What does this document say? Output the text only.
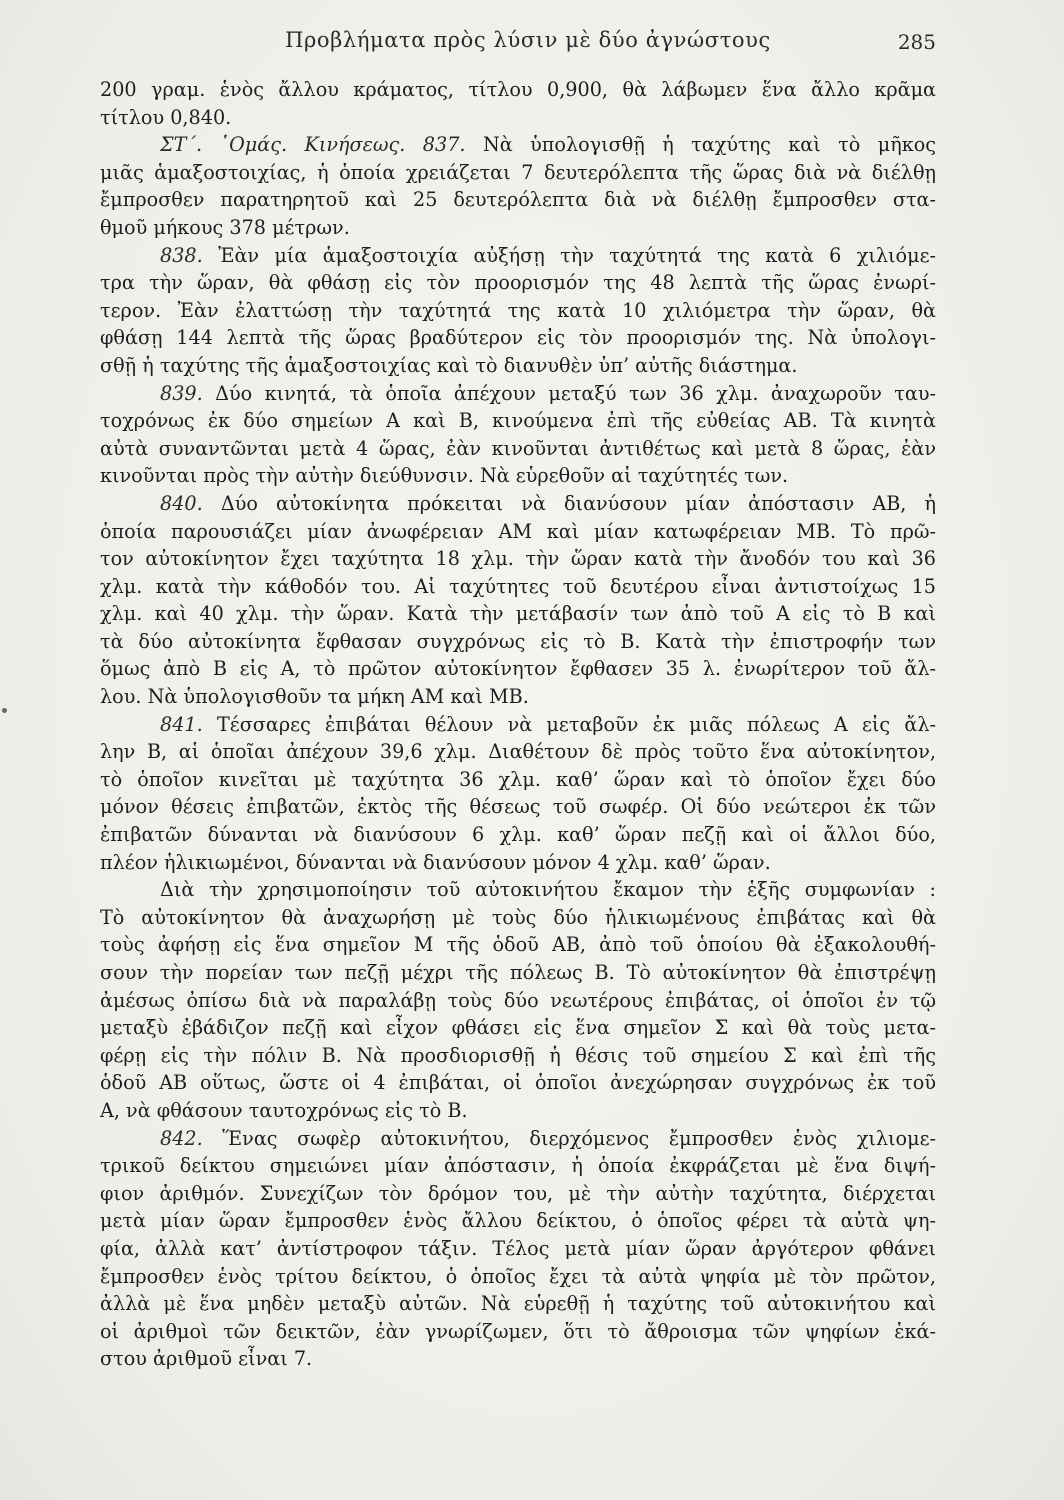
Προβλήματα πρὸς λύσιν μὲ δύο ἀγνώστους	285
200 γραμ. ἑνὸς ἄλλου κράματος, τίτλου 0,900, θὰ λάβωμεν ἕνα ἄλλο κρᾶμα
τίτλου 0,840.
ΣΤ΄. ῾Ομάς. Κινήσεως. 837. Νὰ ὑπολογισθῇ ἡ ταχύτης καὶ τὸ μῆκος
μιᾶς ἁμαξοστοιχίας, ἡ ὁποία χρειάζεται 7 δευτερόλεπτα τῆς ὥρας διὰ νὰ διέλθῃ
ἔμπροσθεν παρατηρητοῦ καὶ 25 δευτερόλεπτα διὰ νὰ διέλθῃ ἔμπροσθεν στα-
θμοῦ μήκους 378 μέτρων.
838. Ἐὰν μία ἁμαξοστοιχία αὐξήσῃ τὴν ταχύτητά της κατὰ 6 χιλιόμε-
τρα τὴν ὥραν, θὰ φθάσῃ εἰς τὸν προορισμόν της 48 λεπτὰ τῆς ὥρας ἐνωρί-
τερον. Ἐὰν ἐλαττώσῃ τὴν ταχύτητά της κατὰ 10 χιλιόμετρα τὴν ὥραν, θὰ
φθάσῃ 144 λεπτὰ τῆς ὥρας βραδύτερον εἰς τὸν προορισμόν της. Νὰ ὑπολογι-
σθῇ ἡ ταχύτης τῆς ἁμαξοστοιχίας καὶ τὸ διανυθὲν ὑπ’ αὐτῆς διάστημα.
839. Δύο κινητά, τὰ ὁποῖα ἀπέχουν μεταξύ των 36 χλμ. ἀναχωροῦν ταυ-
τοχρόνως ἐκ δύο σημείων Α καὶ Β, κινούμενα ἐπὶ τῆς εὐθείας ΑΒ. Τὰ κινητὰ
αὐτὰ συναντῶνται μετὰ 4 ὥρας, ἐὰν κινοῦνται ἀντιθέτως καὶ μετὰ 8 ὥρας, ἐὰν
κινοῦνται πρὸς τὴν αὐτὴν διεύθυνσιν. Νὰ εὑρεθοῦν αἱ ταχύτητές των.
840. Δύο αὐτοκίνητα πρόκειται νὰ διανύσουν μίαν ἀπόστασιν ΑΒ, ἡ
ὁποία παρουσιάζει μίαν ἀνωφέρειαν ΑΜ καὶ μίαν κατωφέρειαν ΜΒ. Τὸ πρῶ-
τον αὐτοκίνητον ἔχει ταχύτητα 18 χλμ. τὴν ὥραν κατὰ τὴν ἄνοδόν του καὶ 36
χλμ. κατὰ τὴν κάθοδόν του. Αἱ ταχύτητες τοῦ δευτέρου εἶναι ἀντιστοίχως 15
χλμ. καὶ 40 χλμ. τὴν ὥραν. Κατὰ τὴν μετάβασίν των ἀπὸ τοῦ Α εἰς τὸ Β καὶ
τὰ δύο αὐτοκίνητα ἔφθασαν συγχρόνως εἰς τὸ Β. Κατὰ τὴν ἐπιστροφήν των
ὅμως ἀπὸ Β εἰς Α, τὸ πρῶτον αὐτοκίνητον ἔφθασεν 35 λ. ἐνωρίτερον τοῦ ἄλ-
λου. Νὰ ὑπολογισθοῦν τα μήκη ΑΜ καὶ ΜΒ.
841. Τέσσαρες ἐπιβάται θέλουν νὰ μεταβοῦν ἐκ μιᾶς πόλεως Α εἰς ἄλ-
λην Β, αἱ ὁποῖαι ἀπέχουν 39,6 χλμ. Διαθέτουν δὲ πρὸς τοῦτο ἕνα αὐτοκίνητον,
τὸ ὁποῖον κινεῖται μὲ ταχύτητα 36 χλμ. καθ’ ὥραν καὶ τὸ ὁποῖον ἔχει δύο
μόνον θέσεις ἐπιβατῶν, ἐκτὸς τῆς θέσεως τοῦ σωφέρ. Οἱ δύο νεώτεροι ἐκ τῶν
ἐπιβατῶν δύνανται νὰ διανύσουν 6 χλμ. καθ’ ὥραν πεζῇ καὶ οἱ ἄλλοι δύο,
πλέον ἡλικιωμένοι, δύνανται νὰ διανύσουν μόνον 4 χλμ. καθ’ ὥραν.
Διὰ τὴν χρησιμοποίησιν τοῦ αὐτοκινήτου ἔκαμον τὴν ἑξῆς συμφωνίαν :
Τὸ αὐτοκίνητον θὰ ἀναχωρήσῃ μὲ τοὺς δύο ἡλικιωμένους ἐπιβάτας καὶ θὰ
τοὺς ἀφήσῃ εἰς ἕνα σημεῖον Μ τῆς ὁδοῦ ΑΒ, ἀπὸ τοῦ ὁποίου θὰ ἐξακολουθή-
σουν τὴν πορείαν των πεζῇ μέχρι τῆς πόλεως Β. Τὸ αὐτοκίνητον θὰ ἐπιστρέψῃ
ἀμέσως ὀπίσω διὰ νὰ παραλάβῃ τοὺς δύο νεωτέρους ἐπιβάτας, οἱ ὁποῖοι ἐν τῷ
μεταξὺ ἐβάδιζον πεζῇ καὶ εἶχον φθάσει εἰς ἕνα σημεῖον Σ καὶ θὰ τοὺς μετα-
φέρῃ εἰς τὴν πόλιν Β. Νὰ προσδιορισθῇ ἡ θέσις τοῦ σημείου Σ καὶ ἐπὶ τῆς
ὁδοῦ ΑΒ οὕτως, ὥστε οἱ 4 ἐπιβάται, οἱ ὁποῖοι ἀνεχώρησαν συγχρόνως ἐκ τοῦ
Α, νὰ φθάσουν ταυτοχρόνως εἰς τὸ Β.
842. Ἕνας σωφὲρ αὐτοκινήτου, διερχόμενος ἔμπροσθεν ἑνὸς χιλιομε-
τρικοῦ δείκτου σημειώνει μίαν ἀπόστασιν, ἡ ὁποία ἐκφράζεται μὲ ἕνα διψή-
φιον ἀριθμόν. Συνεχίζων τὸν δρόμον του, μὲ τὴν αὐτὴν ταχύτητα, διέρχεται
μετὰ μίαν ὥραν ἔμπροσθεν ἑνὸς ἄλλου δείκτου, ὁ ὁποῖος φέρει τὰ αὐτὰ ψη-
φία, ἀλλὰ κατ’ ἀντίστροφον τάξιν. Τέλος μετὰ μίαν ὥραν ἀργότερον φθάνει
ἔμπροσθεν ἑνὸς τρίτου δείκτου, ὁ ὁποῖος ἔχει τὰ αὐτὰ ψηφία μὲ τὸν πρῶτον,
ἀλλὰ μὲ ἕνα μηδὲν μεταξὺ αὐτῶν. Νὰ εὑρεθῇ ἡ ταχύτης τοῦ αὐτοκινήτου καὶ
οἱ ἀριθμοὶ τῶν δεικτῶν, ἐὰν γνωρίζωμεν, ὅτι τὸ ἄθροισμα τῶν ψηφίων ἑκά-
στου ἀριθμοῦ εἶναι 7.
